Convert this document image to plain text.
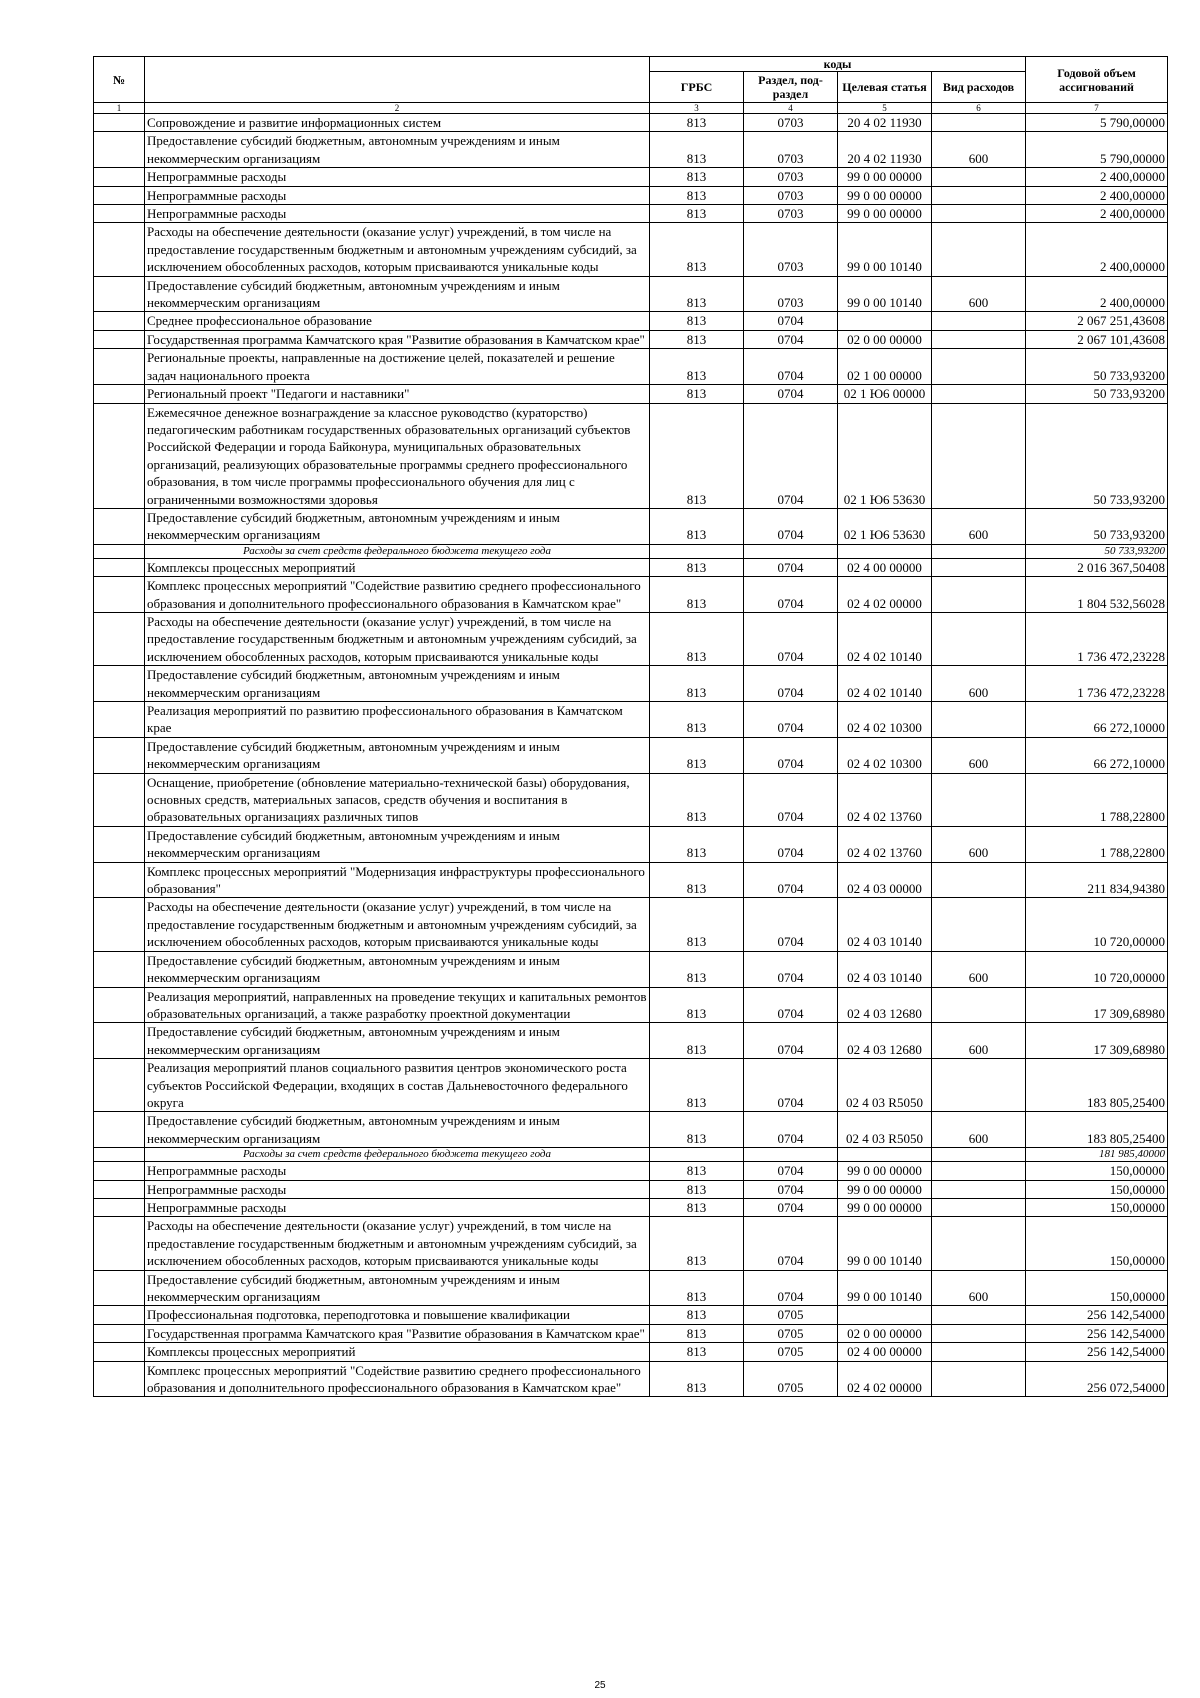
№		коды				Годовой объем ассигнований
		ГРБС	Раздел, под-раздел	Целевая статья	Вид расходов	
1	2	3	4	5	6	7
	Сопровождение и развитие информационных систем	813	0703	20 4 02 11930		5 790,00000
	Предоставление субсидий бюджетным, автономным учреждениям и иным некоммерческим организациям	813	0703	20 4 02 11930	600	5 790,00000
	Непрограммные расходы	813	0703	99 0 00 00000		2 400,00000
	Непрограммные расходы	813	0703	99 0 00 00000		2 400,00000
	Непрограммные расходы	813	0703	99 0 00 00000		2 400,00000
	Расходы на обеспечение деятельности (оказание услуг) учреждений, в том числе на предоставление государственным бюджетным и автономным учреждениям субсидий, за исключением обособленных расходов, которым присваиваются уникальные коды	813	0703	99 0 00 10140		2 400,00000
	Предоставление субсидий бюджетным, автономным учреждениям и иным некоммерческим организациям	813	0703	99 0 00 10140	600	2 400,00000
	Среднее профессиональное образование	813	0704			2 067 251,43608
	Государственная программа Камчатского края "Развитие образования в Камчатском крае"	813	0704	02 0 00 00000		2 067 101,43608
	Региональные проекты, направленные на достижение целей, показателей и решение задач национального проекта	813	0704	02 1 00 00000		50 733,93200
	Региональный проект "Педагоги и наставники"	813	0704	02 1 Ю6 00000		50 733,93200
	Ежемесячное денежное вознаграждение за классное руководство (кураторство) педагогическим работникам государственных образовательных организаций субъектов Российской Федерации и города Байконура, муниципальных образовательных организаций, реализующих образовательные программы среднего профессионального образования, в том числе программы профессионального обучения для лиц с ограниченными возможностями здоровья	813	0704	02 1 Ю6 53630		50 733,93200
	Предоставление субсидий бюджетным, автономным учреждениям и иным некоммерческим организациям	813	0704	02 1 Ю6 53630	600	50 733,93200
	Расходы за счет средств федерального бюджета текущего года					50 733,93200
	Комплексы процессных мероприятий	813	0704	02 4 00 00000		2 016 367,50408
	Комплекс процессных мероприятий "Содействие развитию среднего профессионального образования и дополнительного профессионального образования в Камчатском крае"	813	0704	02 4 02 00000		1 804 532,56028
	Расходы на обеспечение деятельности (оказание услуг) учреждений, в том числе на предоставление государственным бюджетным и автономным учреждениям субсидий, за исключением обособленных расходов, которым присваиваются уникальные коды	813	0704	02 4 02 10140		1 736 472,23228
	Предоставление субсидий бюджетным, автономным учреждениям и иным некоммерческим организациям	813	0704	02 4 02 10140	600	1 736 472,23228
	Реализация мероприятий по развитию профессионального образования в Камчатском крае	813	0704	02 4 02 10300		66 272,10000
	Предоставление субсидий бюджетным, автономным учреждениям и иным некоммерческим организациям	813	0704	02 4 02 10300	600	66 272,10000
	Оснащение, приобретение (обновление материально-технической базы) оборудования, основных средств, материальных запасов, средств обучения и воспитания в образовательных организациях различных типов	813	0704	02 4 02 13760		1 788,22800
	Предоставление субсидий бюджетным, автономным учреждениям и иным некоммерческим организациям	813	0704	02 4 02 13760	600	1 788,22800
	Комплекс процессных мероприятий "Модернизация инфраструктуры профессионального образования"	813	0704	02 4 03 00000		211 834,94380
	Расходы на обеспечение деятельности (оказание услуг) учреждений, в том числе на предоставление государственным бюджетным и автономным учреждениям субсидий, за исключением обособленных расходов, которым присваиваются уникальные коды	813	0704	02 4 03 10140		10 720,00000
	Предоставление субсидий бюджетным, автономным учреждениям и иным некоммерческим организациям	813	0704	02 4 03 10140	600	10 720,00000
	Реализация мероприятий, направленных на проведение текущих и капитальных ремонтов образовательных организаций, а также разработку проектной документации	813	0704	02 4 03 12680		17 309,68980
	Предоставление субсидий бюджетным, автономным учреждениям и иным некоммерческим организациям	813	0704	02 4 03 12680	600	17 309,68980
	Реализация мероприятий планов социального развития центров экономического роста субъектов Российской Федерации, входящих в состав Дальневосточного федерального округа	813	0704	02 4 03 R5050		183 805,25400
	Предоставление субсидий бюджетным, автономным учреждениям и иным некоммерческим организациям	813	0704	02 4 03 R5050	600	183 805,25400
	Расходы за счет средств федерального бюджета текущего года					181 985,40000
	Непрограммные расходы	813	0704	99 0 00 00000		150,00000
	Непрограммные расходы	813	0704	99 0 00 00000		150,00000
	Непрограммные расходы	813	0704	99 0 00 00000		150,00000
	Расходы на обеспечение деятельности (оказание услуг) учреждений, в том числе на предоставление государственным бюджетным и автономным учреждениям субсидий, за исключением обособленных расходов, которым присваиваются уникальные коды	813	0704	99 0 00 10140		150,00000
	Предоставление субсидий бюджетным, автономным учреждениям и иным некоммерческим организациям	813	0704	99 0 00 10140	600	150,00000
	Профессиональная подготовка, переподготовка и повышение квалификации	813	0705			256 142,54000
	Государственная программа Камчатского края "Развитие образования в Камчатском крае"	813	0705	02 0 00 00000		256 142,54000
	Комплексы процессных мероприятий	813	0705	02 4 00 00000		256 142,54000
	Комплекс процессных мероприятий "Содействие развитию среднего профессионального образования и дополнительного профессионального образования в Камчатском крае"	813	0705	02 4 02 00000		256 072,54000
25
